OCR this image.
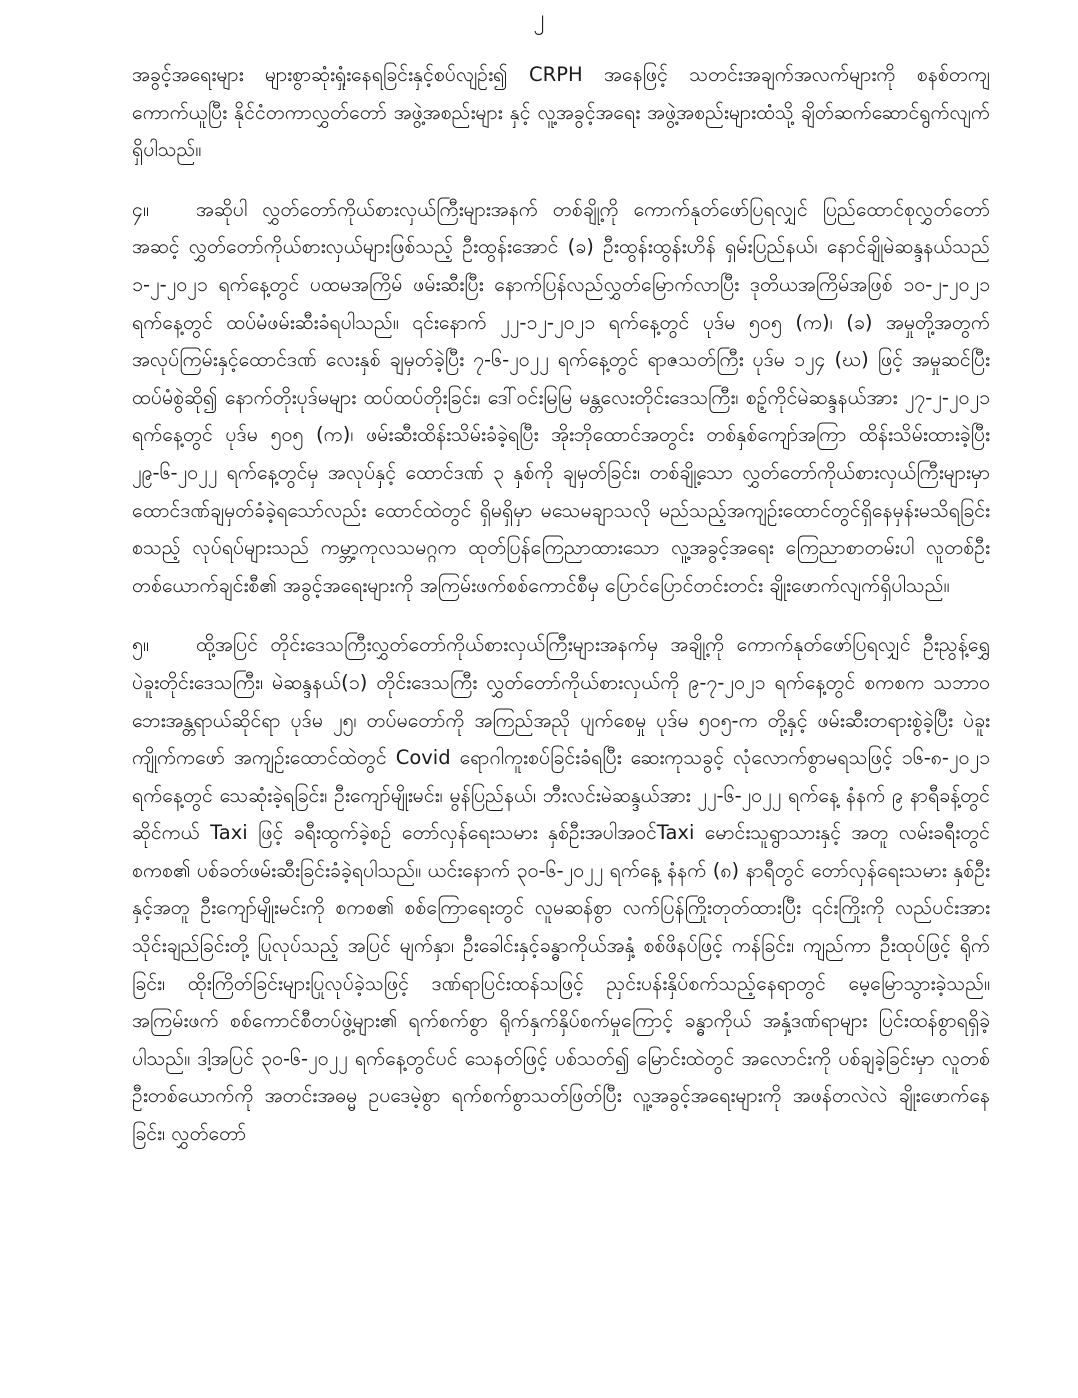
၂

အခွင့်အရေးများ များစွာဆုံးရှုံးနေရခြင်းနှင့်စပ်လျဉ်း၍ CRPH အနေဖြင့် သတင်းအချက်အလက်များကို စနစ်တကျ ကောက်ယူပြီး နိုင်ငံတကာလွှတ်တော် အဖွဲ့အစည်းများ နှင့် လူ့အခွင့်အရေး အဖွဲ့အစည်းများထံသို့ ချိတ်ဆက်ဆောင်ရွက်လျက်ရှိပါသည်။

၄။ အဆိုပါ လွှတ်တော်ကိုယ်စားလှယ်ကြီးများအနက် တစ်ချို့ကို ကောက်နုတ်ဖော်ပြရလျှင် ပြည်ထောင်စုလွှတ်တော်အဆင့် လွှတ်တော်ကိုယ်စားလှယ်များဖြစ်သည့် ဦးထွန်းအောင် (ခ) ဦးထွန်းထွန်းဟိန် ရှမ်းပြည်နယ်၊ နောင်ချိုမဲဆန္ဒနယ်သည် ၁-၂-၂၀၂၁ ရက်နေ့တွင် ပထမအကြိမ် ဖမ်းဆီးပြီး နောက်ပြန်လည်လွှတ်မြောက်လာပြီး ဒုတိယအကြိမ်အဖြစ် ၁၀-၂-၂၀၂၁ ရက်နေ့တွင် ထပ်မံဖမ်းဆီးခံရပါသည်။ ၎င်းနောက် ၂၂-၁၂-၂၀၂၁ ရက်နေ့တွင် ပုဒ်မ ၅၀၅ (က)၊ (ခ) အမှုတို့အတွက် အလုပ်ကြမ်းနှင့်ထောင်ဒဏ် လေးနှစ် ချမှတ်ခဲ့ပြီး ၇-၆-၂၀၂၂ ရက်နေ့တွင် ရာဇသတ်ကြီး ပုဒ်မ ၁၂၄ (ဃ) ဖြင့် အမှုဆင်ပြီး ထပ်မံစွဲဆို၍ နောက်တိုးပုဒ်မများ ထပ်ထပ်တိုးခြင်း၊ ဒေါ်ဝင်းမြမြ မန္တလေးတိုင်းဒေသကြီး၊ စဉ့်ကိုင်မဲဆန္ဒနယ်အား ၂၇-၂-၂၀၂၁ ရက်နေ့တွင် ပုဒ်မ ၅၀၅ (က)၊ ဖမ်းဆီးထိန်းသိမ်းခံခဲ့ရပြီး အိုးဘိုထောင်အတွင်း တစ်နှစ်ကျော်အကြာ ထိန်းသိမ်းထားခဲ့ပြီး ၂၉-၆-၂၀၂၂ ရက်နေ့တွင်မှ အလုပ်နှင့် ထောင်ဒဏ် ၃ နှစ်ကို ချမှတ်ခြင်း၊ တစ်ချို့သော လွှတ်တော်ကိုယ်စားလှယ်ကြီးများမှာ ထောင်ဒဏ်ချမှတ်ခံခဲ့ရသော်လည်း ထောင်ထဲတွင် ရှိမရှိမှာ မသေမချာသလို မည်သည့်အကျဉ်းထောင်တွင်ရှိနေမှန်းမသိရခြင်း စသည့် လုပ်ရပ်များသည် ကမ္ဘာ့ကုလသမဂ္ဂက ထုတ်ပြန်ကြေညာထားသော လူ့အခွင့်အရေး ကြေညာစာတမ်းပါ လူတစ်ဦး တစ်ယောက်ချင်းစီ၏ အခွင့်အရေးများကို အကြမ်းဖက်စစ်ကောင်စီမှ ပြောင်ပြောင်တင်းတင်း ချိုးဖောက်လျက်ရှိပါသည်။

၅။ ထို့အပြင် တိုင်းဒေသကြီးလွှတ်တော်ကိုယ်စားလှယ်ကြီးများအနက်မှ အချို့ကို ကောက်နုတ်ဖော်ပြရလျှင် ဦးညွန့်ရွှေ ပဲခူးတိုင်းဒေသကြီး၊ မဲဆန္ဒနယ်(၁) တိုင်းဒေသကြီး လွှတ်တော်ကိုယ်စားလှယ်ကို ၉-၇-၂၀၂၁ ရက်နေ့တွင် စကစက သဘာဝဘေးအန္တရာယ်ဆိုင်ရာ ပုဒ်မ ၂၅၊ တပ်မတော်ကို အကြည်အညို ပျက်စေမှု ပုဒ်မ ၅၀၅-က တို့နှင့် ဖမ်းဆီးတရားစွဲခဲ့ပြီး ပဲခူးကျိုက်ကဖော် အကျဉ်းထောင်ထဲတွင် Covid ရောဂါကူးစပ်ခြင်းခံရပြီး ဆေးကုသခွင့် လုံလောက်စွာမရသဖြင့် ၁၆-၈-၂၀၂၁ ရက်နေ့တွင် သေဆုံးခဲ့ရခြင်း၊ ဦးကျော်မျိုးမင်း၊ မွန်ပြည်နယ်၊ ဘီးလင်းမဲဆန္ဒယ်အား ၂၂-၆-၂၀၂၂ ရက်နေ့ နံနက် ၉ နာရီခန့်တွင် ဆိုင်ကယ် Taxi ဖြင့် ခရီးထွက်ခဲ့စဉ် တော်လှန်ရေးသမား နှစ်ဦးအပါအဝင်Taxi မောင်းသူရွာသားနှင့် အတူ လမ်းခရီးတွင် စကစ၏ ပစ်ခတ်ဖမ်းဆီးခြင်းခံခဲ့ရပါသည်။ ယင်းနောက် ၃၀-၆-၂၀၂၂ ရက်နေ့ နံနက် (၈) နာရီတွင် တော်လှန်ရေးသမား နှစ်ဦးနှင့်အတူ ဦးကျော်မျိုးမင်းကို စကစ၏ စစ်ကြောရေးတွင် လူမဆန်စွာ လက်ပြန်ကြိုးတုတ်ထားပြီး ၎င်းကြိုးကို လည်ပင်းအား သိုင်းချည်ခြင်းတို့ ပြုလုပ်သည့် အပြင် မျက်နှာ၊ ဦးခေါင်းနှင့်ခန္ဓာကိုယ်အနှံ့ စစ်ဖိနပ်ဖြင့် ကန်ခြင်း၊ ကျည်ကာ ဦးထုပ်ဖြင့် ရိုက်ခြင်း၊ ထိုးကြိတ်ခြင်းများပြုလုပ်ခဲ့သဖြင့် ဒဏ်ရာပြင်းထန်သဖြင့် ညှင်းပန်းနှိပ်စက်သည့်နေရာတွင် မေ့မြောသွားခဲ့သည်။ အကြမ်းဖက် စစ်ကောင်စီတပ်ဖွဲ့များ၏ ရက်စက်စွာ ရိုက်နှက်နှိပ်စက်မှုကြောင့် ခန္ဓာကိုယ် အနှံ့ဒဏ်ရာများ ပြင်းထန်စွာရရှိခဲ့ပါသည်။ ဒါ့အပြင် ၃၀-၆-၂၀၂၂ ရက်နေ့တွင်ပင် သေနတ်ဖြင့် ပစ်သတ်၍ မြောင်းထဲတွင် အလောင်းကို ပစ်ချခဲ့ခြင်းမှာ လူတစ်ဦးတစ်ယောက်ကို အတင်းအဓမ္မ ဥပဒေမဲ့စွာ ရက်စက်စွာသတ်ဖြတ်ပြီး လူ့အခွင့်အရေးများကို အဖန်တလဲလဲ ချိုးဖောက်နေခြင်း၊ လွှတ်တော်
